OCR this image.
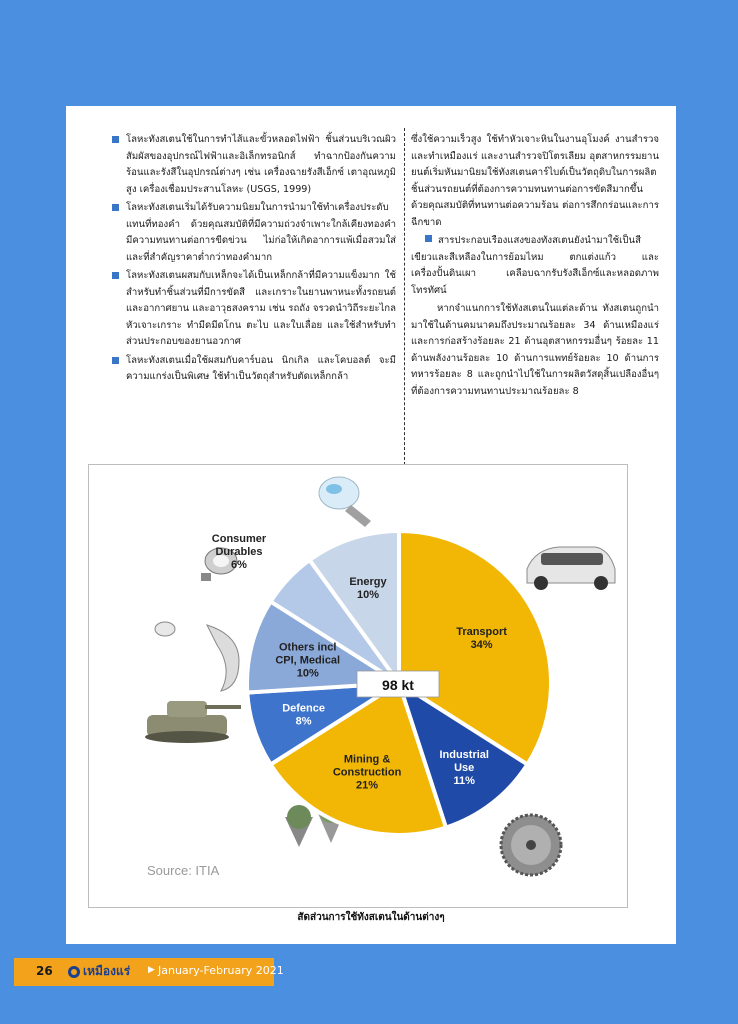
โลหะทังสเตนใช้ในการทำไส้และขั้วหลอดไฟฟ้า ชิ้นส่วนบริเวณผิวสัมผัสของอุปกรณ์ไฟฟ้าและอิเล็กทรอนิกส์ ทำฉากป้องกันความร้อนและรังสีในอุปกรณ์ต่างๆ เช่น เครื่องฉายรังสีเอ็กซ์ เตาอุณหภูมิสูง เครื่องเชื่อมประสานโลหะ (USGS, 1999)
โลหะทังสเตนเริ่มได้รับความนิยมในการนำมาใช้ทำเครื่องประดับแทนที่ทองคำ ด้วยคุณสมบัติที่มีความถ่วงจำเพาะใกล้เคียงทองคำ มีความทนทานต่อการขีดข่วน ไม่ก่อให้เกิดอาการแพ้เมื่อสวมใส่ และที่สำคัญราคาต่ำกว่าทองคำมาก
โลหะทังสเตนผสมกับเหล็กจะได้เป็นเหล็กกล้าที่มีความแข็งมาก ใช้สำหรับทำชิ้นส่วนที่มีการขัดสี และเกราะในยานพาหนะทั้งรถยนต์และอากาศยาน และอาวุธสงคราม เช่น รถถัง จรวดนำวิถีระยะไกล หัวเจาะเกราะ ทำมีดมีดโกน ตะไบ และใบเลื่อย และใช้สำหรับทำส่วนประกอบของยานอวกาศ
โลหะทังสเตนเมื่อใช้ผสมกับคาร์บอน นิกเกิล และโคบอลต์ จะมีความแกร่งเป็นพิเศษ ใช้ทำเป็นวัตถุสำหรับตัดเหล็กกล้า

ซึ่งใช้ความเร็วสูง ใช้ทำหัวเจาะหินในงานอุโมงค์ งานสำรวจและทำเหมืองแร่ และงานสำรวจปิโตรเลียม อุตสาหกรรมยานยนต์เริ่มหันมานิยมใช้ทังสเตนคาร์ไบด์เป็นวัตถุดิบในการผลิตชิ้นส่วนรถยนต์ที่ต้องการความทนทานต่อการขัดสีมากขึ้น ด้วยคุณสมบัติที่ทนทานต่อความร้อน ต่อการสึกกร่อนและการฉีกขาด

สารประกอบเรืองแสงของทังสเตนยังนำมาใช้เป็นสีเขียวและสีเหลืองในการย้อมไหม ตกแต่งแก้ว และเครื่องปั้นดินเผา เคลือบฉากรับรังสีเอ็กซ์และหลอดภาพโทรทัศน์

หากจำแนกการใช้ทังสเตนในแต่ละด้าน ทังสเตนถูกนำมาใช้ในด้านคมนาคมถึงประมาณร้อยละ 34 ด้านเหมืองแร่และการก่อสร้างร้อยละ 21 ด้านอุตสาหกรรมอื่นๆ ร้อยละ 11 ด้านพลังงานร้อยละ 10 ด้านการแพทย์ร้อยละ 10 ด้านการทหารร้อยละ 8 และถูกนำไปใช้ในการผลิตวัสดุสิ้นเปลืองอื่นๆ ที่ต้องการความทนทานประมาณร้อยละ 8

Transport 34%
Industrial Use 11%
Mining & Construction 21%
Defence 8%
Others incl CPI, Medical 10%
Consumer Durables 6%
Energy 10%
98 kt
Source: ITIA
สัดส่วนการใช้ทังสเตนในด้านต่างๆ
26	เหมืองแร่ ▶ January-February 2021
